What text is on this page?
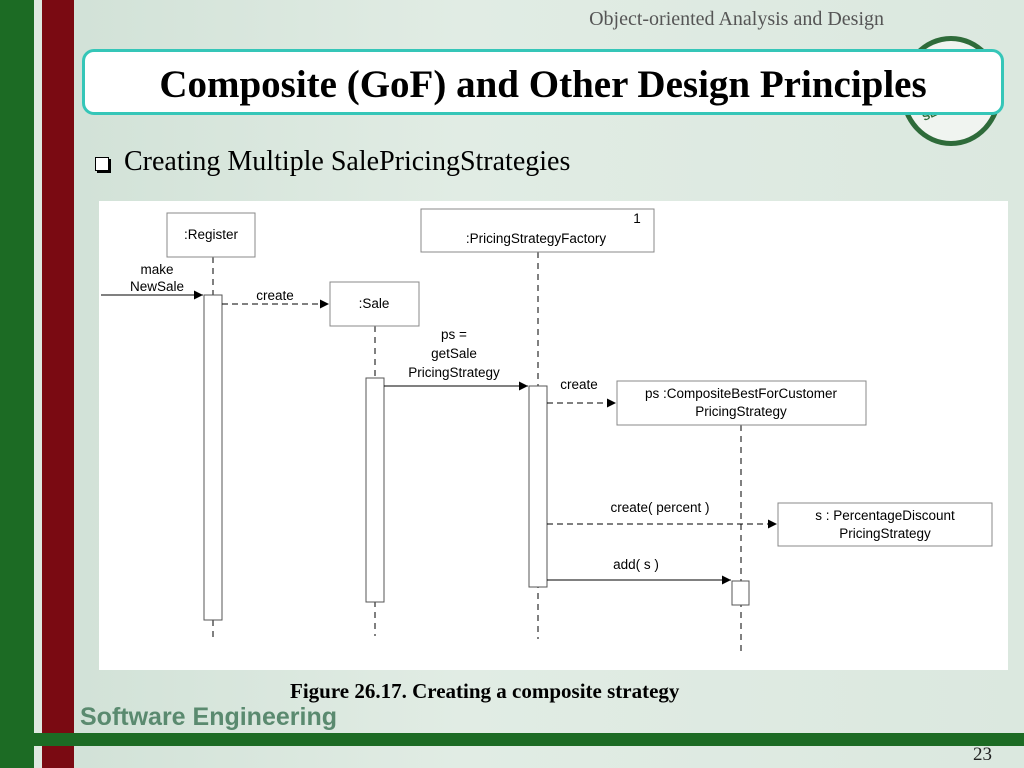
Object-oriented Analysis and Design
Composite (GoF) and Other Design Principles
Creating Multiple SalePricingStrategies
:Register
1
:PricingStrategyFactory
:Sale
ps :CompositeBestForCustomer
PricingStrategy
s : PercentageDiscount
PricingStrategy
make
NewSale
create
ps =
getSale
PricingStrategy
create
create( percent )
add( s )
Figure 26.17. Creating a composite strategy
Software Engineering
23
